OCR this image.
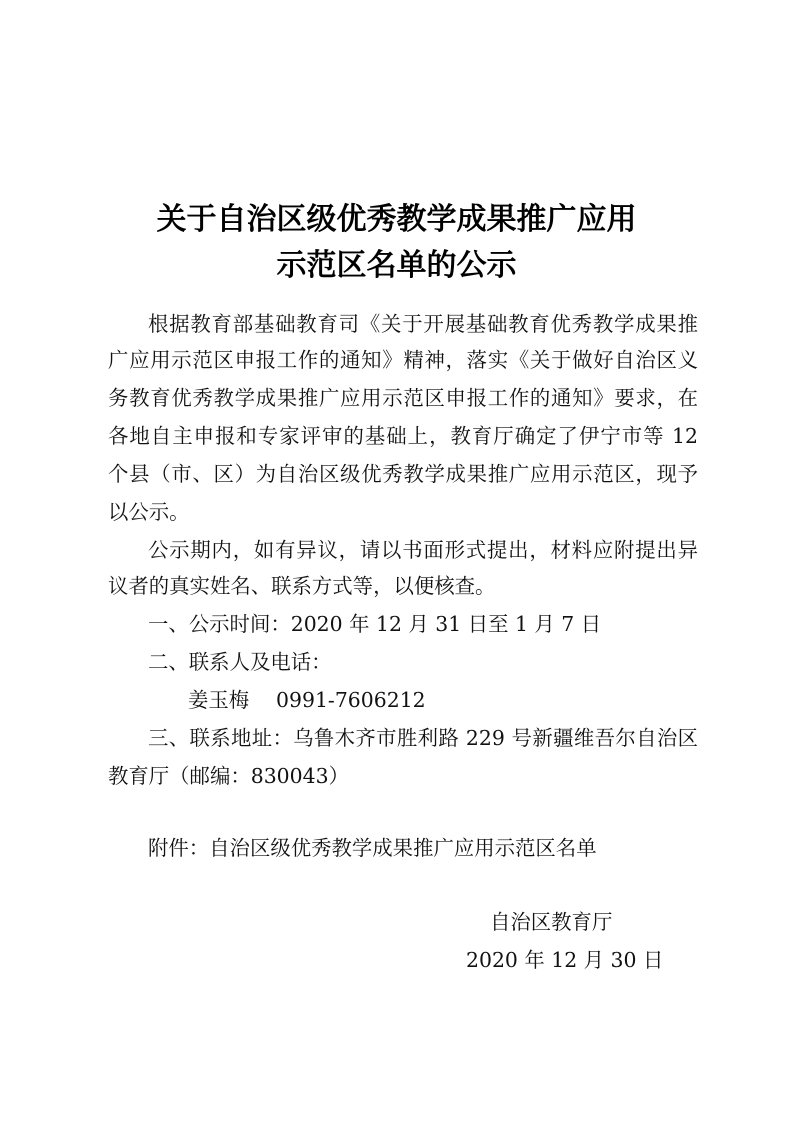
关于自治区级优秀教学成果推广应用
示范区名单的公示
根据教育部基础教育司《关于开展基础教育优秀教学成果推
广应用示范区申报工作的通知》精神，落实《关于做好自治区义
务教育优秀教学成果推广应用示范区申报工作的通知》要求，在
各地自主申报和专家评审的基础上，教育厅确定了伊宁市等 12
个县（市、区）为自治区级优秀教学成果推广应用示范区，现予
以公示。
公示期内，如有异议，请以书面形式提出，材料应附提出异
议者的真实姓名、联系方式等，以便核查。
一、公示时间：2020 年 12 月 31 日至 1 月 7 日
二、联系人及电话：
姜玉梅　 0991-7606212
三、联系地址：乌鲁木齐市胜利路 229 号新疆维吾尔自治区
教育厅（邮编：830043）
附件：自治区级优秀教学成果推广应用示范区名单
自治区教育厅
2020 年 12 月 30 日
